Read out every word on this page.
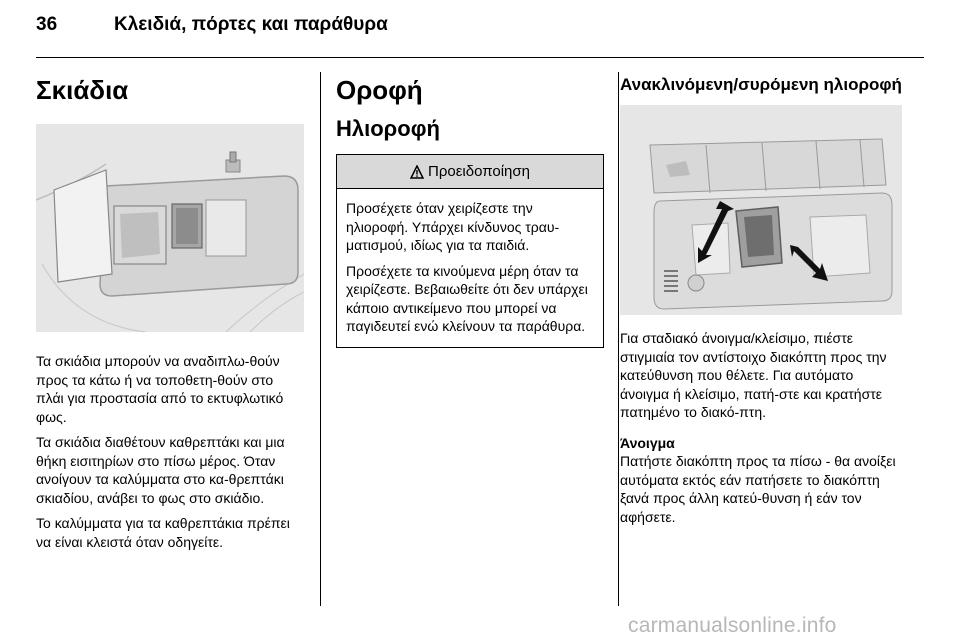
36	Κλειδιά, πόρτες και παράθυρα
Σκιάδια

Τα σκιάδια μπορούν να αναδιπλω-θούν προς τα κάτω ή να τοποθετη-θούν στο πλάι για προστασία από το εκτυφλωτικό φως.

Τα σκιάδια διαθέτουν καθρεπτάκι και μια θήκη εισιτηρίων στο πίσω μέρος. Όταν ανοίγουν τα καλύμματα στο κα-θρεπτάκι σκιαδίου, ανάβει το φως στο σκιάδιο.

Το καλύμματα για τα καθρεπτάκια πρέπει να είναι κλειστά όταν οδηγείτε.

Οροφή
Ηλιοροφή
Προειδοποίηση

Προσέχετε όταν χειρίζεστε την ηλιοροφή. Υπάρχει κίνδυνος τραυ-ματισμού, ιδίως για τα παιδιά.

Προσέχετε τα κινούμενα μέρη όταν τα χειρίζεστε. Βεβαιωθείτε ότι δεν υπάρχει κάποιο αντικείμενο που μπορεί να παγιδευτεί ενώ κλείνουν τα παράθυρα.

Ανακλινόμενη/συρόμενη ηλιοροφή

Για σταδιακό άνοιγμα/κλείσιμο, πιέστε στιγμιαία τον αντίστοιχο διακόπτη προς την κατεύθυνση που θέλετε. Για αυτόματο άνοιγμα ή κλείσιμο, πατή-στε και κρατήστε πατημένο το διακό-πτη.

Άνοιγμα

Πατήστε διακόπτη προς τα πίσω - θα ανοίξει αυτόματα εκτός εάν πατήσετε το διακόπτη ξανά προς άλλη κατεύ-θυνση ή εάν τον αφήσετε.

carmanualsonline.info
